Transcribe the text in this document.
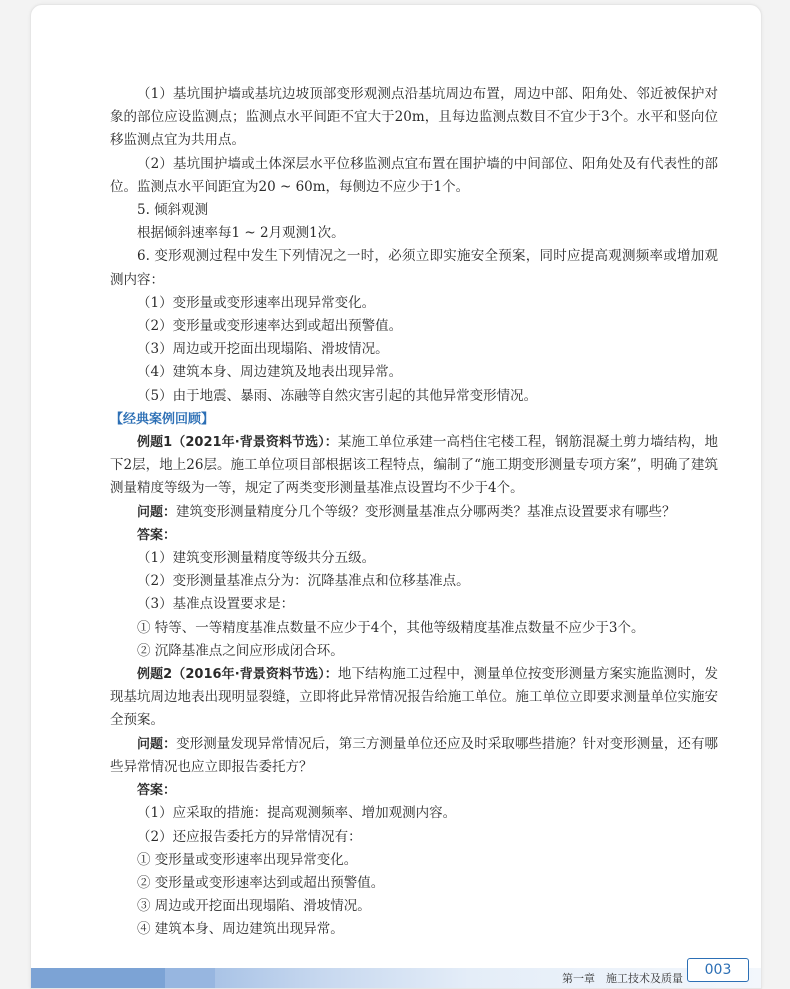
（1）基坑围护墙或基坑边坡顶部变形观测点沿基坑周边布置，周边中部、阳角处、邻近被保护对象的部位应设监测点；监测点水平间距不宜大于20m，且每边监测点数目不宜少于3个。水平和竖向位移监测点宜为共用点。

（2）基坑围护墙或土体深层水平位移监测点宜布置在围护墙的中间部位、阳角处及有代表性的部位。监测点水平间距宜为20 ~ 60m，每侧边不应少于1个。

5. 倾斜观测

根据倾斜速率每1 ~ 2月观测1次。

6. 变形观测过程中发生下列情况之一时，必须立即实施安全预案，同时应提高观测频率或增加观测内容：

（1）变形量或变形速率出现异常变化。

（2）变形量或变形速率达到或超出预警值。

（3）周边或开挖面出现塌陷、滑坡情况。

（4）建筑本身、周边建筑及地表出现异常。

（5）由于地震、暴雨、冻融等自然灾害引起的其他异常变形情况。

【经典案例回顾】

例题1（2021年·背景资料节选）：某施工单位承建一高档住宅楼工程，钢筋混凝土剪力墙结构，地下2层，地上26层。施工单位项目部根据该工程特点，编制了“施工期变形测量专项方案”，明确了建筑测量精度等级为一等，规定了两类变形测量基准点设置均不少于4个。

问题：建筑变形测量精度分几个等级？变形测量基准点分哪两类？基准点设置要求有哪些？

答案：

（1）建筑变形测量精度等级共分五级。

（2）变形测量基准点分为：沉降基准点和位移基准点。

（3）基准点设置要求是：

① 特等、一等精度基准点数量不应少于4个，其他等级精度基准点数量不应少于3个。

② 沉降基准点之间应形成闭合环。

例题2（2016年·背景资料节选）：地下结构施工过程中，测量单位按变形测量方案实施监测时，发现基坑周边地表出现明显裂缝，立即将此异常情况报告给施工单位。施工单位立即要求测量单位实施安全预案。

问题：变形测量发现异常情况后，第三方测量单位还应及时采取哪些措施？针对变形测量，还有哪些异常情况也应立即报告委托方？

答案：

（1）应采取的措施：提高观测频率、增加观测内容。

（2）还应报告委托方的异常情况有：

① 变形量或变形速率出现异常变化。

② 变形量或变形速率达到或超出预警值。

③ 周边或开挖面出现塌陷、滑坡情况。

④ 建筑本身、周边建筑出现异常。

第一章　施工技术及质量
003
